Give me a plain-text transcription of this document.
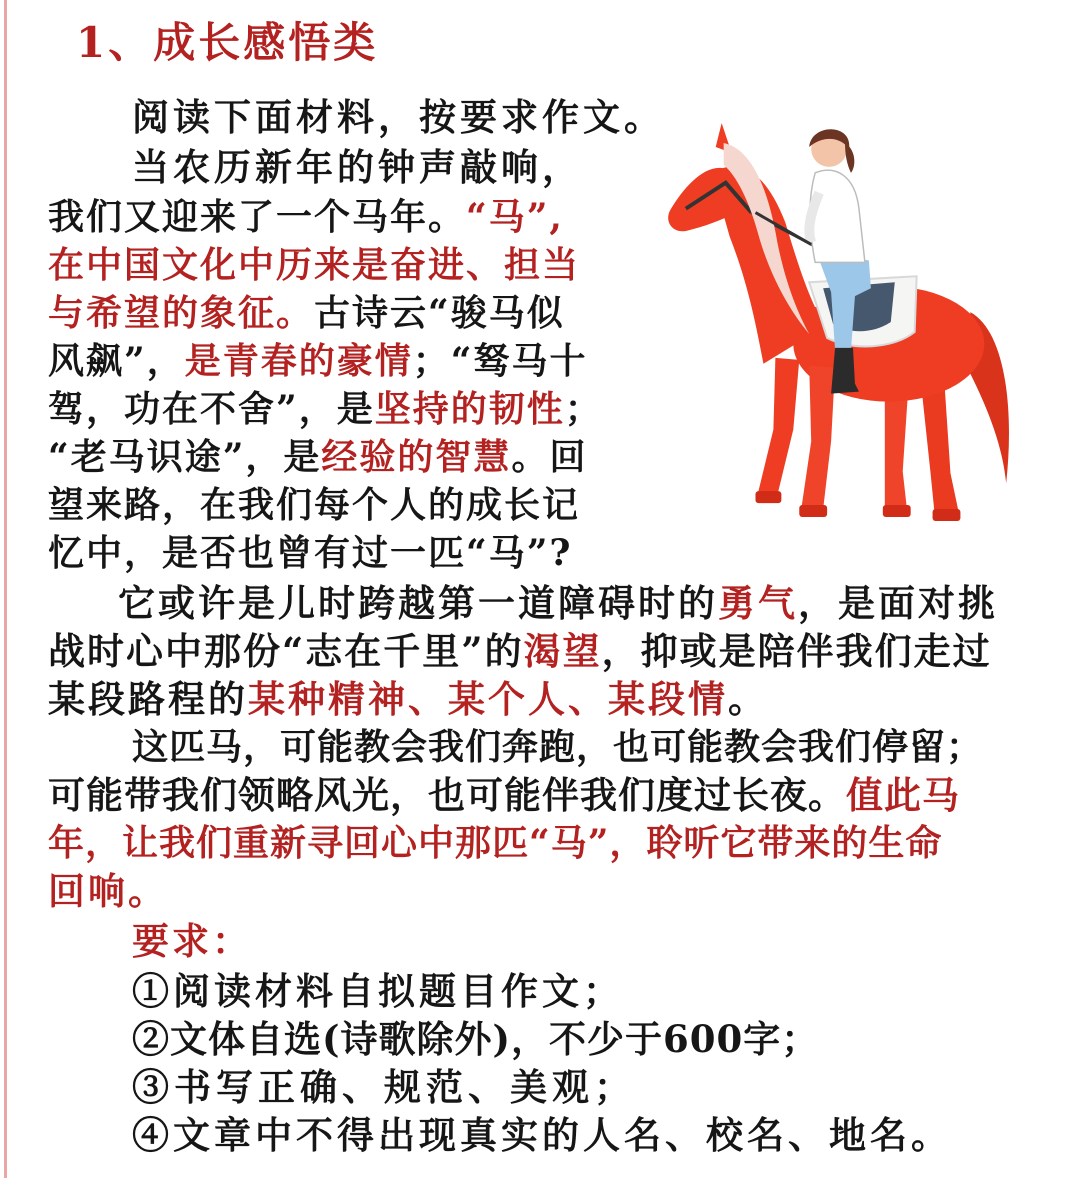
1、成长感悟类

阅读下面材料，按要求作文。

当农历新年的钟声敲响，

我们又迎来了一个马年。“马”,

在中国文化中历来是奋进、担当

与希望的象征。古诗云“骏马似

风飙”，是青春的豪情；“驽马十

驾，功在不舍”，是坚持的韧性；

“老马识途”，是经验的智慧。回

望来路，在我们每个人的成长记

忆中，是否也曾有过一匹“马”?

它或许是儿时跨越第一道障碍时的勇气，是面对挑

战时心中那份“志在千里”的渴望，抑或是陪伴我们走过

某段路程的某种精神、某个人、某段情。

这匹马，可能教会我们奔跑，也可能教会我们停留；

可能带我们领略风光，也可能伴我们度过长夜。值此马

年，让我们重新寻回心中那匹“马”，聆听它带来的生命

回响。

要求：

①阅读材料自拟题目作文；

②文体自选(诗歌除外)，不少于600字；

③书写正确、规范、美观；

④文章中不得出现真实的人名、校名、地名。
